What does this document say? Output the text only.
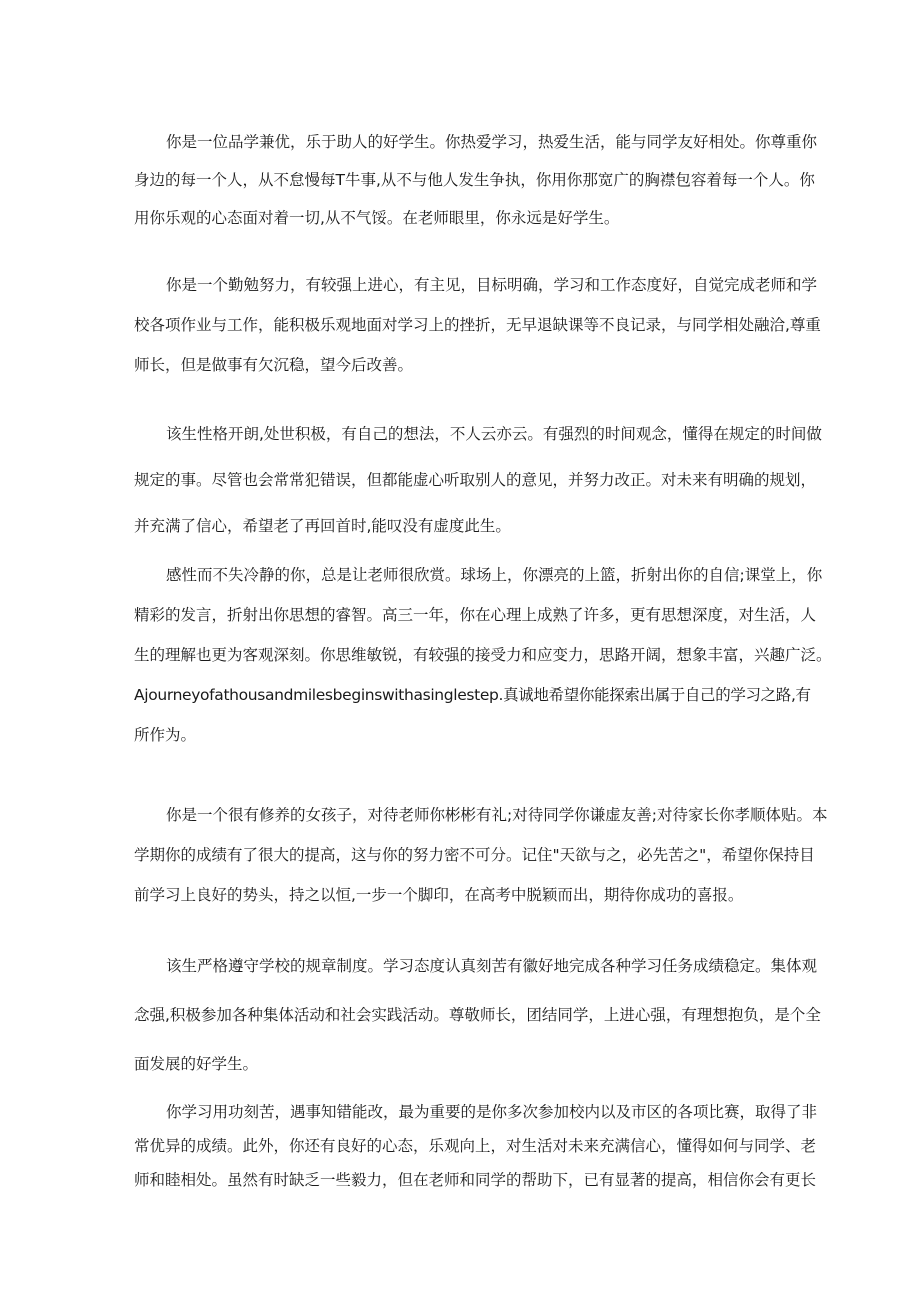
你是一位品学兼优，乐于助人的好学生。你热爱学习，热爱生活，能与同学友好相处。你尊重你
身边的每一个人，从不怠慢每T牛事,从不与他人发生争执，你用你那宽广的胸襟包容着每一个人。你
用你乐观的心态面对着一切,从不气馁。在老师眼里，你永远是好学生。
你是一个勤勉努力，有较强上进心，有主见，目标明确，学习和工作态度好，自觉完成老师和学
校各项作业与工作，能积极乐观地面对学习上的挫折，无早退缺课等不良记录，与同学相处融洽,尊重
师长，但是做事有欠沉稳，望今后改善。
该生性格开朗,处世积极，有自己的想法，不人云亦云。有强烈的时间观念，懂得在规定的时间做
规定的事。尽管也会常常犯错误，但都能虚心听取别人的意见，并努力改正。对未来有明确的规划，
并充满了信心，希望老了再回首时,能叹没有虚度此生。
感性而不失冷静的你，总是让老师很欣赏。球场上，你漂亮的上篮，折射出你的自信;课堂上，你
精彩的发言，折射出你思想的睿智。高三一年，你在心理上成熟了许多，更有思想深度，对生活，人
生的理解也更为客观深刻。你思维敏锐，有较强的接受力和应变力，思路开阔，想象丰富，兴趣广泛。
Ajourneyofathousandmilesbeginswithasinglestep.真诚地希望你能探索出属于自己的学习之路,有
所作为。
你是一个很有修养的女孩子，对待老师你彬彬有礼;对待同学你谦虚友善;对待家长你孝顺体贴。本
学期你的成绩有了很大的提高，这与你的努力密不可分。记住"天欲与之，必先苦之"，希望你保持目
前学习上良好的势头，持之以恒,一步一个脚印，在高考中脱颖而出，期待你成功的喜报。
该生严格遵守学校的规章制度。学习态度认真刻苦有徽好地完成各种学习任务成绩稳定。集体观
念强,积极参加各种集体活动和社会实践活动。尊敬师长，团结同学，上进心强，有理想抱负，是个全
面发展的好学生。
你学习用功刻苦，遇事知错能改，最为重要的是你多次参加校内以及市区的各项比赛，取得了非
常优异的成绩。此外，你还有良好的心态，乐观向上，对生活对未来充满信心，懂得如何与同学、老
师和睦相处。虽然有时缺乏一些毅力，但在老师和同学的帮助下，已有显著的提高，相信你会有更长
